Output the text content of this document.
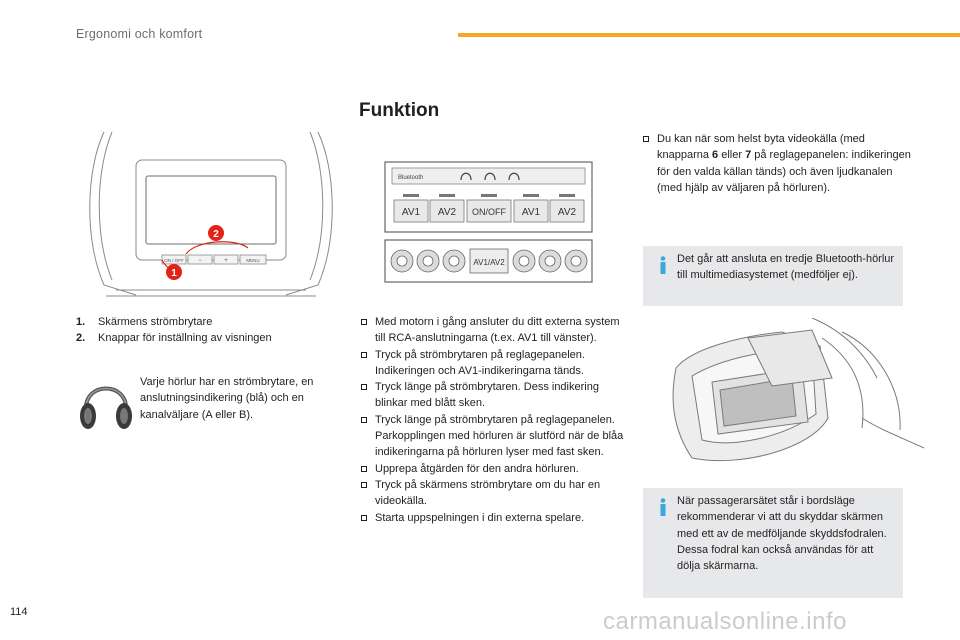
Ergonomi och komfort
Funktion
ON / OFF −	+	MENU
2
1
1.	Skärmens strömbrytare
2.	Knappar för inställning av visningen
Varje hörlur har en strömbrytare, en anslutningsindikering (blå) och en kanalväljare (A eller B).
Bluetooth
AV1 AV2 ON/OFF AV1 AV2
AV1/AV2
Med motorn i gång ansluter du ditt externa system till RCA-anslutningarna (t.ex. AV1 till vänster).
Tryck på strömbrytaren på reglagepanelen. Indikeringen och AV1-indikeringarna tänds.
Tryck länge på strömbrytaren. Dess indikering blinkar med blått sken.
Tryck länge på strömbrytaren på reglagepanelen. Parkopplingen med hörluren är slutförd när de blåa indikeringarna på hörluren lyser med fast sken.
Upprepa åtgärden för den andra hörluren.
Tryck på skärmens strömbrytare om du har en videokälla.
Starta uppspelningen i din externa spelare.
Du kan när som helst byta videokälla (med knapparna 6 eller 7 på reglagepanelen: indikeringen för den valda källan tänds) och även ljudkanalen (med hjälp av väljaren på hörluren).
Det går att ansluta en tredje Bluetooth-hörlur till multimediasystemet (medföljer ej).
När passagerarsätet står i bordsläge rekommenderar vi att du skyddar skärmen med ett av de medföljande skyddsfodralen.
Dessa fodral kan också användas för att dölja skärmarna.
114	carmanualsonline.info
